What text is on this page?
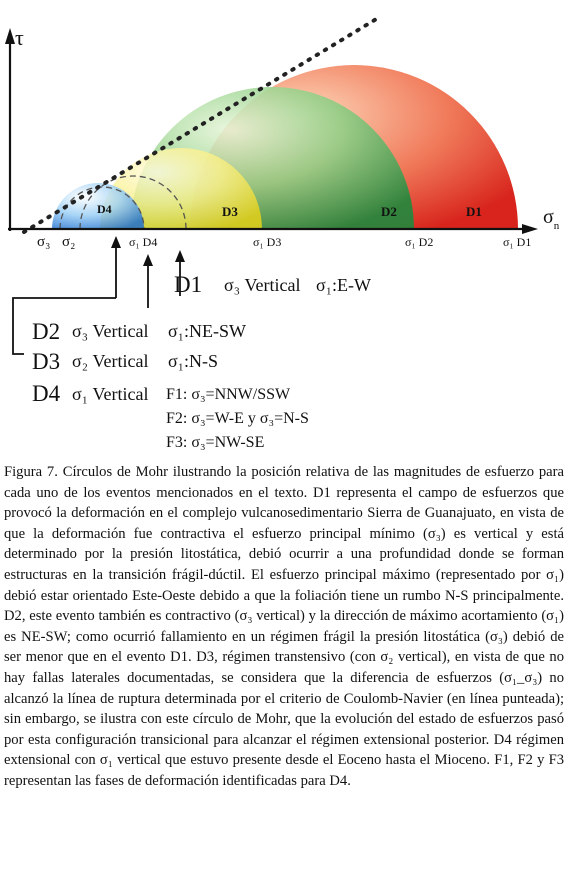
τ
$\sigma_n$
D4	D3	D2	D1
σ₃ σ₂	σ₁ D4	σ₁ D3	σ₁ D2	σ₁ D1
D1 σ₃ Vertical σ₁:E-W
D2 σ₃ Vertical σ₁:NE-SW
D3 σ₂ Vertical σ₁:N-S
D4 σ₁ Vertical F1: σ₃=NNW/SSW
F2: σ₃=W-E y σ₃=N-S
F3: σ₃=NW-SE

Figura 7. Círculos de Mohr ilustrando la posición relativa de las magnitudes de esfuerzo para cada uno de los eventos mencionados en el texto. D1 representa el campo de esfuerzos que provocó la deformación en el complejo vulcanosedimentario Sierra de Guanajuato, en vista de que la deformación fue contractiva el esfuerzo principal mínimo (σ₃) es vertical y está determinado por la presión litostática, debió ocurrir a una profundidad donde se forman estructuras en la transición frágil-dúctil. El esfuerzo principal máximo (representado por σ₁) debió estar orientado Este-Oeste debido a que la foliación tiene un rumbo N-S principalmente. D2, este evento también es contractivo (σ₃ vertical) y la dirección de máximo acortamiento (σ₁) es NE-SW; como ocurrió fallamiento en un régimen frágil la presión litostática (σ₃) debió de ser menor que en el evento D1. D3, régimen transtensivo (con σ₂ vertical), en vista de que no hay fallas laterales documentadas, se considera que la diferencia de esfuerzos (σ₁_σ₃) no alcanzó la línea de ruptura determinada por el criterio de Coulomb-Navier (en línea punteada); sin embargo, se ilustra con este círculo de Mohr, que la evolución del estado de esfuerzos pasó por esta configuración transicional para alcanzar el régimen extensional posterior. D4 régimen extensional con σ₁ vertical que estuvo presente desde el Eoceno hasta el Mioceno. F1, F2 y F3 representan las fases de deformación identificadas para D4.
